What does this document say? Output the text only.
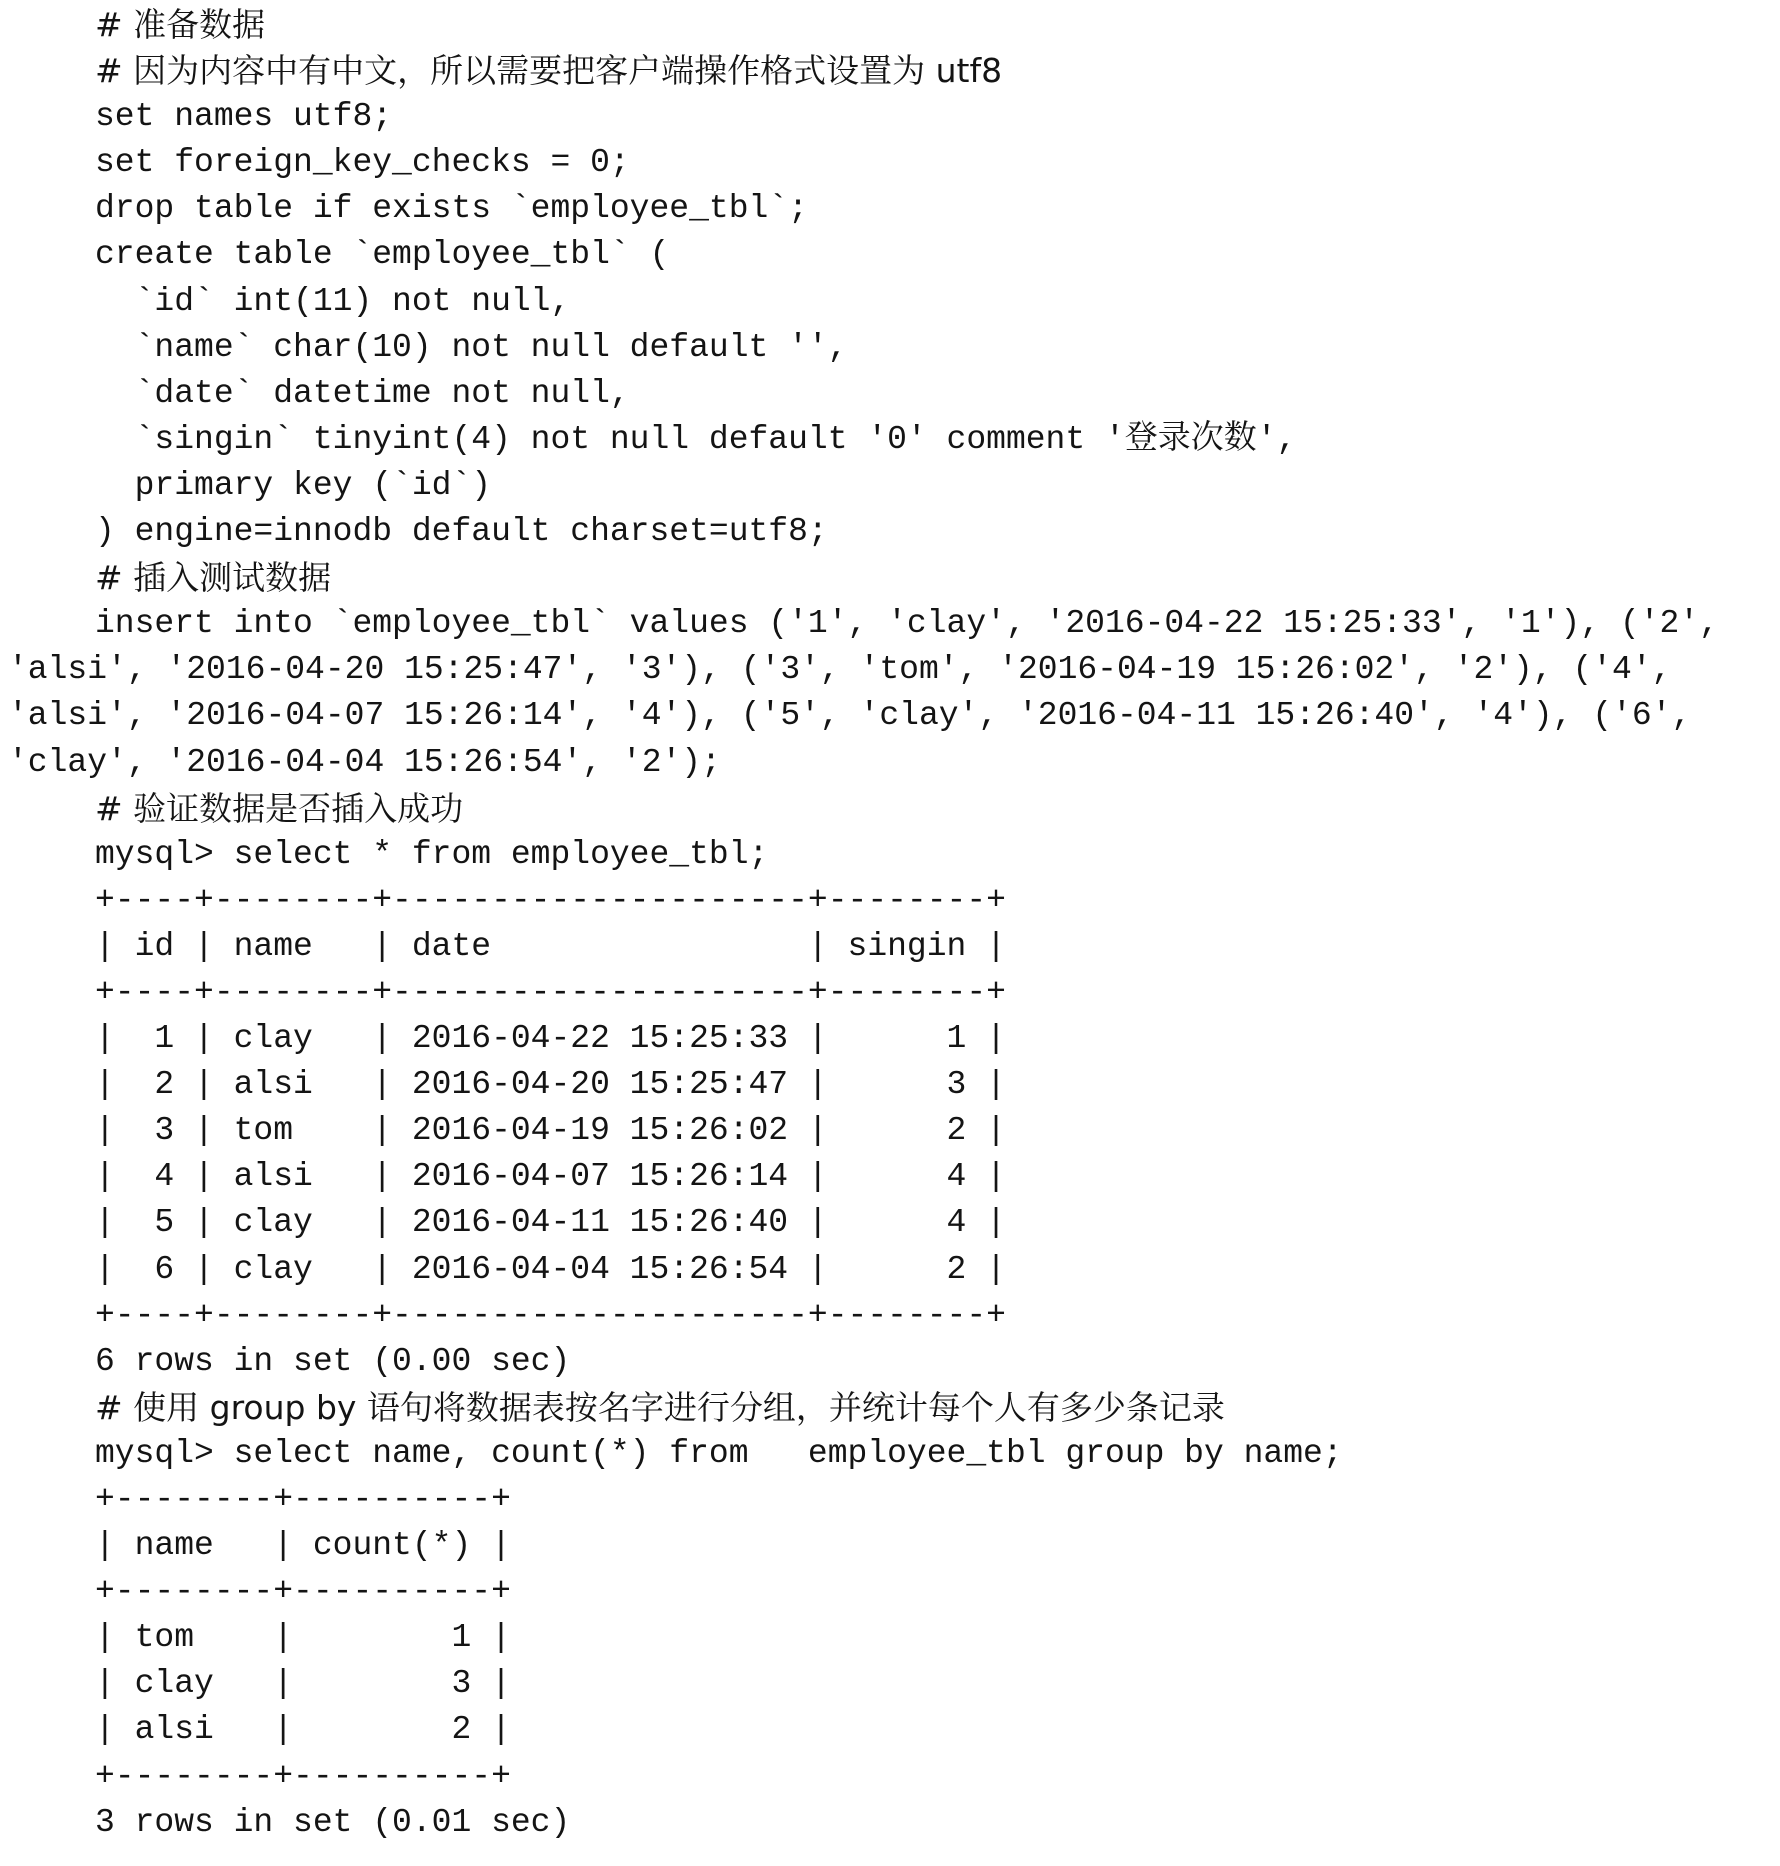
# 准备数据
# 因为内容中有中文，所以需要把客户端操作格式设置为 utf8
set names utf8;
set foreign_key_checks = 0;
drop table if exists `employee_tbl`;
create table `employee_tbl` (
`id` int(11) not null,
`name` char(10) not null default '',
`date` datetime not null,
`singin` tinyint(4) not null default '0' comment '登录次数',
primary key (`id`)
) engine=innodb default charset=utf8;
# 插入测试数据
insert into `employee_tbl` values ('1', 'clay', '2016-04-22 15:25:33', '1'), ('2',
'alsi', '2016-04-20 15:25:47', '3'), ('3', 'tom', '2016-04-19 15:26:02', '2'), ('4',
'alsi', '2016-04-07 15:26:14', '4'), ('5', 'clay', '2016-04-11 15:26:40', '4'), ('6',
'clay', '2016-04-04 15:26:54', '2');
# 验证数据是否插入成功
mysql> select * from employee_tbl;
+----+--------+---------------------+--------+
| id | name   | date                | singin |
+----+--------+---------------------+--------+
|  1 | clay   | 2016-04-22 15:25:33 |      1 |
|  2 | alsi   | 2016-04-20 15:25:47 |      3 |
|  3 | tom    | 2016-04-19 15:26:02 |      2 |
|  4 | alsi   | 2016-04-07 15:26:14 |      4 |
|  5 | clay   | 2016-04-11 15:26:40 |      4 |
|  6 | clay   | 2016-04-04 15:26:54 |      2 |
+----+--------+---------------------+--------+
6 rows in set (0.00 sec)
# 使用 group by 语句将数据表按名字进行分组，并统计每个人有多少条记录
mysql> select name, count(*) from   employee_tbl group by name;
+--------+----------+
| name   | count(*) |
+--------+----------+
| tom    |        1 |
| clay   |        3 |
| alsi   |        2 |
+--------+----------+
3 rows in set (0.01 sec)
